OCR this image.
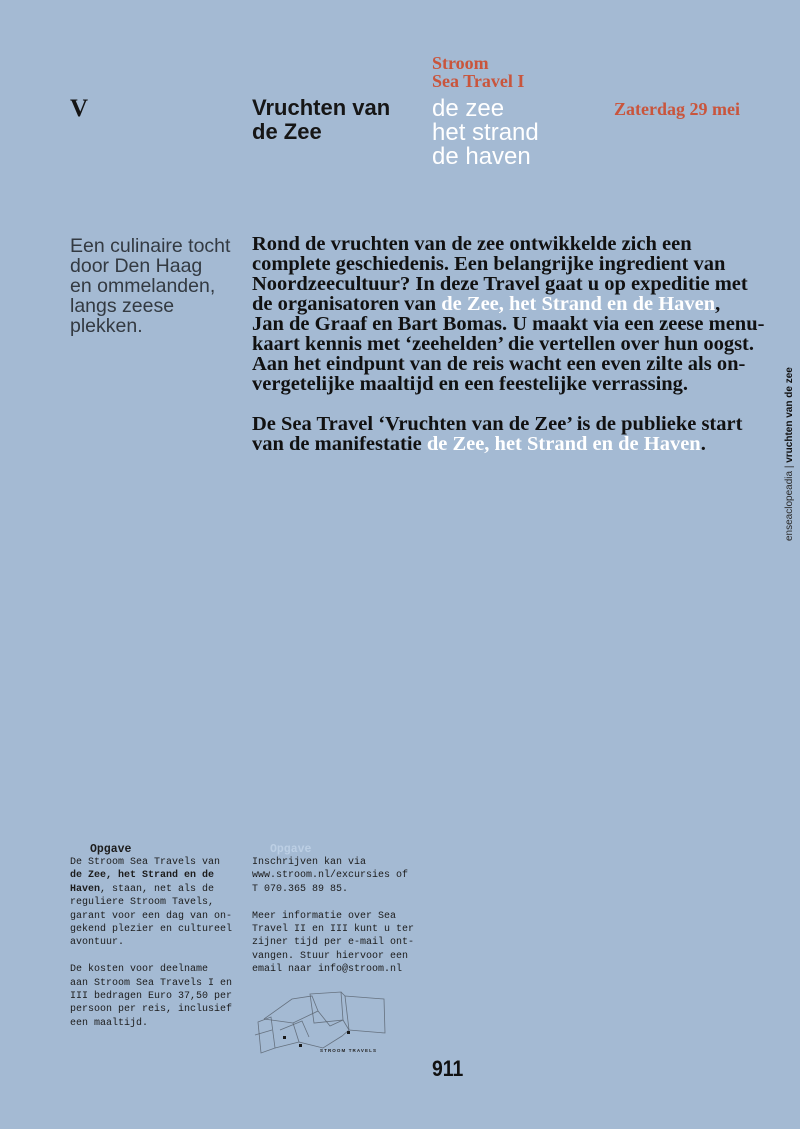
V	Vruchten van
de Zee
Stroom
Sea Travel I
de zee
het strand
de haven
Zaterdag 29 mei
Een culinaire tocht
door Den Haag
en ommelanden,
langs zeese
plekken.
Rond de vruchten van de zee ontwikkelde zich een
complete geschiedenis. Een belangrijke ingredient van
Noordzeecultuur? In deze Travel gaat u op expeditie met
de organisatoren van de Zee, het Strand en de Haven,
Jan de Graaf en Bart Bomas. U maakt via een zeese menu-
kaart kennis met ‘zeehelden’ die vertellen over hun oogst.
Aan het eindpunt van de reis wacht een even zilte als on-
vergetelijke maaltijd en een feestelijke verrassing.
De Sea Travel ‘Vruchten van de Zee’ is de publieke start
van de manifestatie de Zee, het Strand en de Haven.
enseaclopeadia | vruchten van de zee
Opgave
De Stroom Sea Travels van
de Zee, het Strand en de
Haven, staan, net als de
reguliere Stroom Tavels,
garant voor een dag van on-
gekend plezier en cultureel
avontuur.
De kosten voor deelname
aan Stroom Sea Travels I en
III bedragen Euro 37,50 per
persoon per reis, inclusief
een maaltijd.
Opgave
Inschrijven kan via
www.stroom.nl/excursies of
T 070.365 89 85.
Meer informatie over Sea
Travel II en III kunt u ter
zijner tijd per e-mail ont-
vangen. Stuur hiervoor een
email naar info@stroom.nl
STROOM TRAVELS
911
